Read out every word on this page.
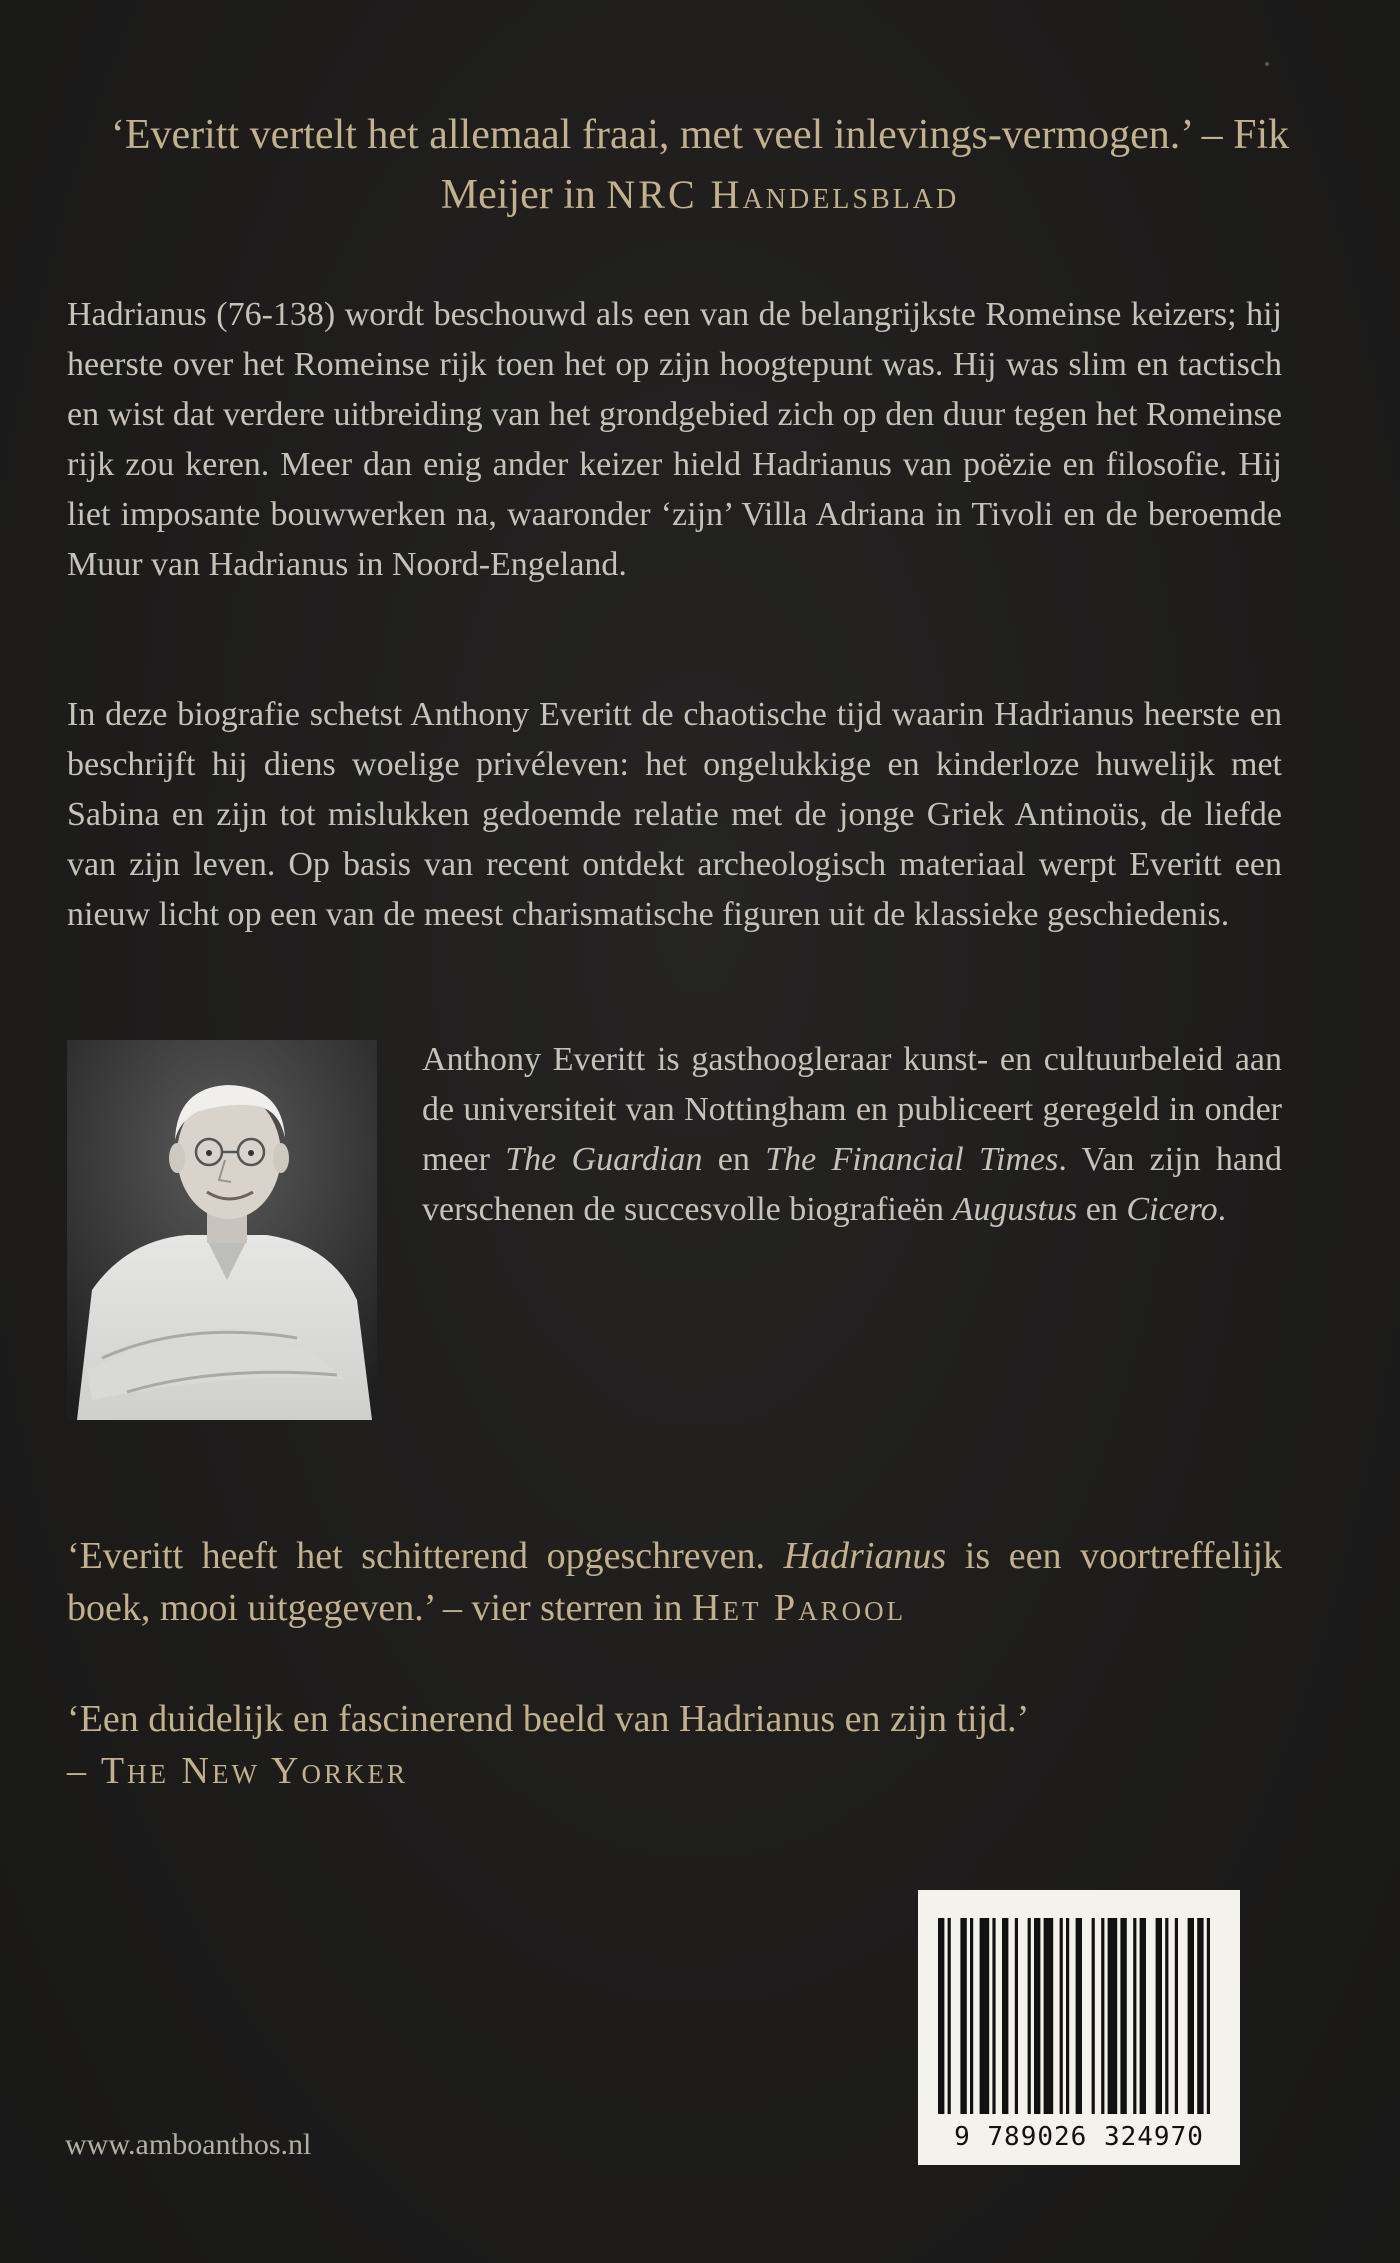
‘Everitt vertelt het allemaal fraai, met veel inlevings-vermogen.’ – Fik Meijer in NRC Handelsblad

Hadrianus (76-138) wordt beschouwd als een van de belangrijkste Romeinse keizers; hij heerste over het Romeinse rijk toen het op zijn hoogtepunt was. Hij was slim en tactisch en wist dat verdere uitbreiding van het grondgebied zich op den duur tegen het Romeinse rijk zou keren. Meer dan enig ander keizer hield Hadrianus van poëzie en filosofie. Hij liet imposante bouwwerken na, waaronder ‘zijn’ Villa Adriana in Tivoli en de beroemde Muur van Hadrianus in Noord-Engeland.

In deze biografie schetst Anthony Everitt de chaotische tijd waarin Hadrianus heerste en beschrijft hij diens woelige privéleven: het ongelukkige en kinderloze huwelijk met Sabina en zijn tot mislukken gedoemde relatie met de jonge Griek Antinoüs, de liefde van zijn leven. Op basis van recent ontdekt archeologisch materiaal werpt Everitt een nieuw licht op een van de meest charismatische figuren uit de klassieke geschiedenis.

Anthony Everitt is gasthoogleraar kunst- en cultuurbeleid aan de universiteit van Nottingham en publiceert geregeld in onder meer The Guardian en The Financial Times. Van zijn hand verschenen de succesvolle biografieën Augustus en Cicero.

‘Everitt heeft het schitterend opgeschreven. Hadrianus is een voortreffelijk boek, mooi uitgegeven.’ – vier sterren in Het Parool

‘Een duidelijk en fascinerend beeld van Hadrianus en zijn tijd.’
– The New Yorker

9 789026 324970
www.amboanthos.nl
